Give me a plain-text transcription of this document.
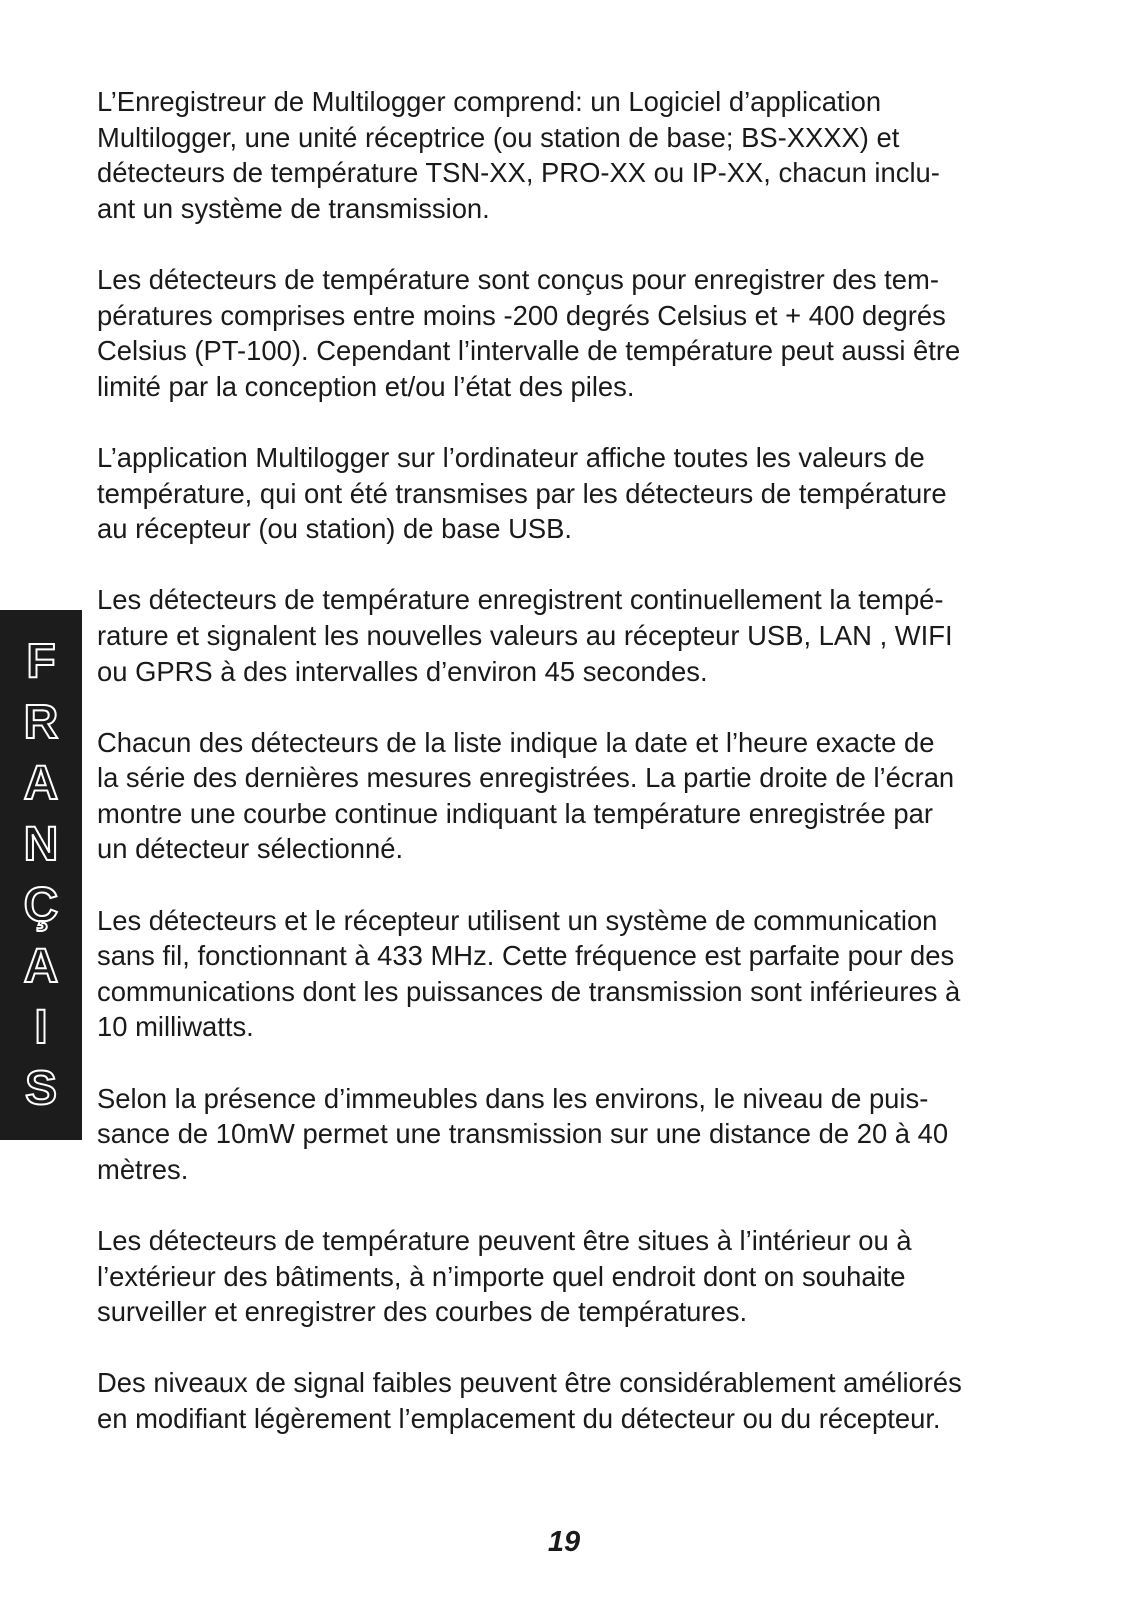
F
R
A
N
Ç
A
I
S

L’Enregistreur de Multilogger comprend: un Logiciel d’application
Multilogger, une unité réceptrice (ou station de base; BS-XXXX) et
détecteurs de température TSN-XX, PRO-XX ou IP-XX, chacun inclu-
ant un système de transmission.

Les détecteurs de température sont conçus pour enregistrer des tem-
pératures comprises entre moins -200 degrés Celsius et + 400 degrés
Celsius (PT-100). Cependant l’intervalle de température peut aussi être
limité par la conception et/ou l’état des piles.

L’application Multilogger sur l’ordinateur affiche toutes les valeurs de
température, qui ont été transmises par les détecteurs de température
au récepteur (ou station) de base USB.

Les détecteurs de température enregistrent continuellement la tempé-
rature et signalent les nouvelles valeurs au récepteur USB, LAN , WIFI
ou GPRS à des intervalles d’environ 45 secondes.

Chacun des détecteurs de la liste indique la date et l’heure exacte de
la série des dernières mesures enregistrées. La partie droite de l’écran
montre une courbe continue indiquant la température enregistrée par
un détecteur sélectionné.

Les détecteurs et le récepteur utilisent un système de communication
sans fil, fonctionnant à 433 MHz. Cette fréquence est parfaite pour des
communications dont les puissances de transmission sont inférieures à
10 milliwatts.

Selon la présence d’immeubles dans les environs, le niveau de puis-
sance de 10mW permet une transmission sur une distance de 20 à 40
mètres.

Les détecteurs de température peuvent être situes à l’intérieur ou à
l’extérieur des bâtiments, à n’importe quel endroit dont on souhaite
surveiller et enregistrer des courbes de températures.

Des niveaux de signal faibles peuvent être considérablement améliorés
en modifiant légèrement l’emplacement du détecteur ou du récepteur.

19
